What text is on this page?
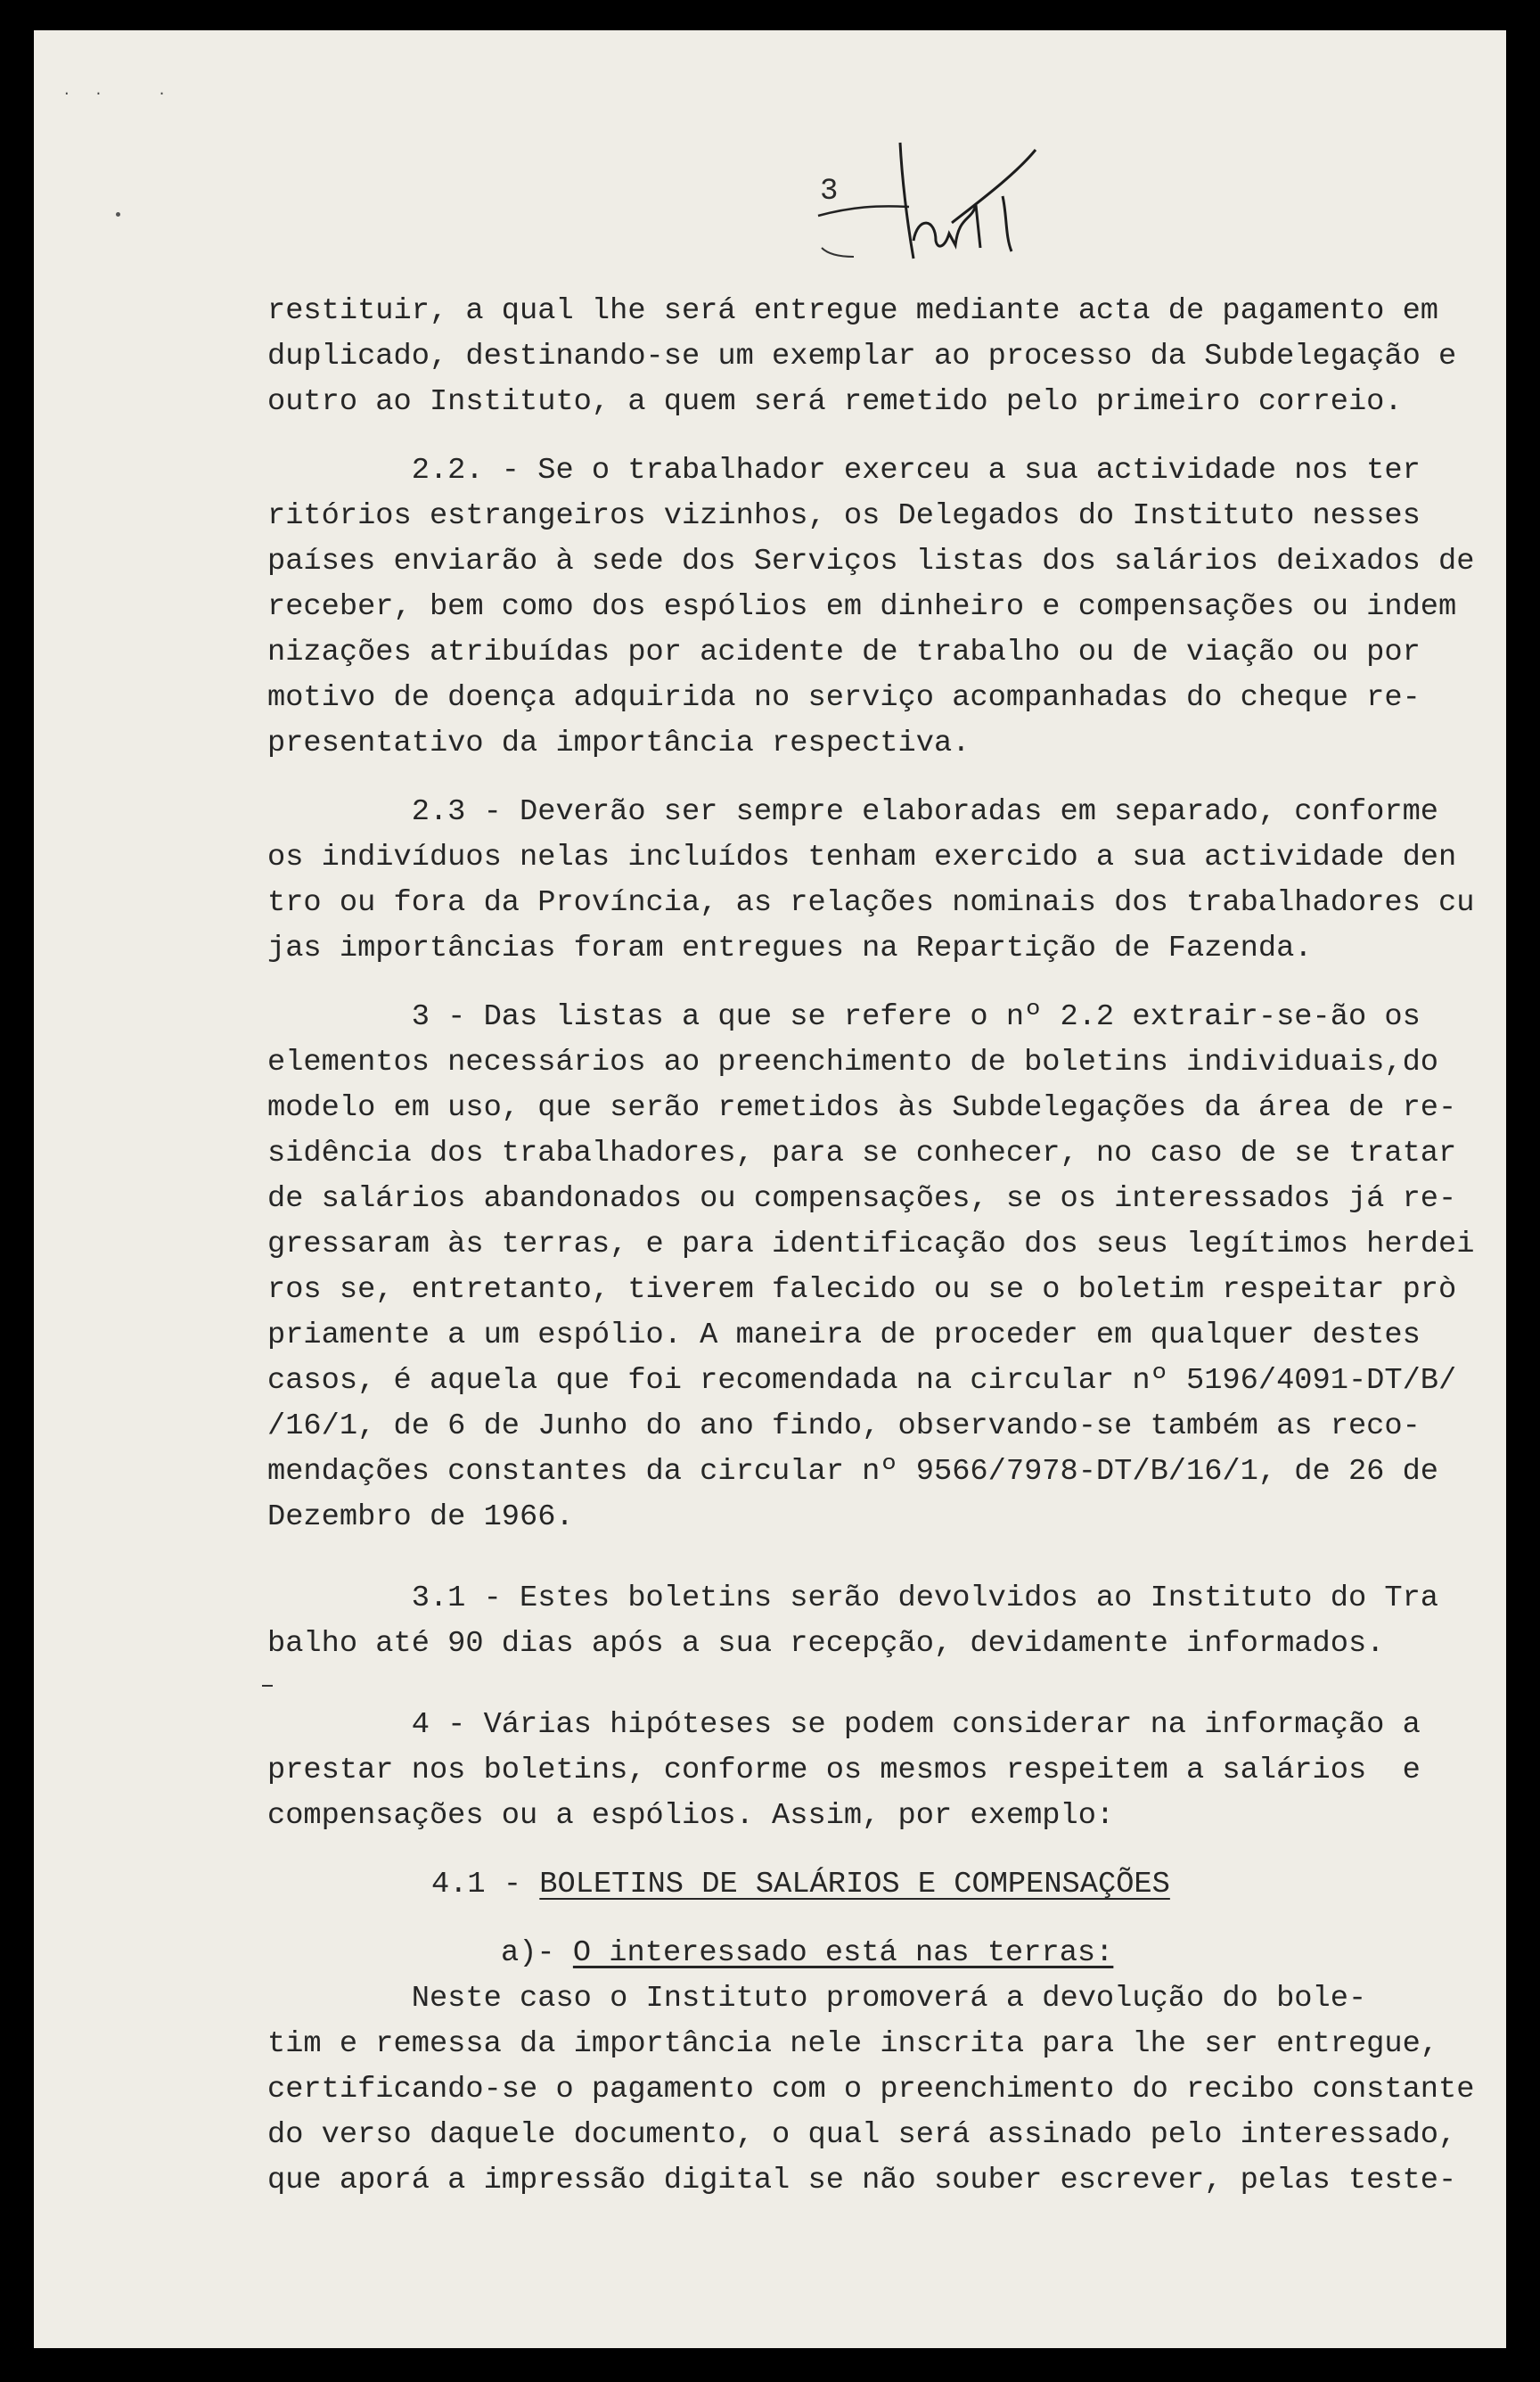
·· ·
3
restituir, a qual lhe será entregue mediante acta de pagamento em
duplicado, destinando-se um exemplar ao processo da Subdelegação e
outro ao Instituto, a quem será remetido pelo primeiro correio.
2.2. - Se o trabalhador exerceu a sua actividade nos ter
ritórios estrangeiros vizinhos, os Delegados do Instituto nesses
países enviarão à sede dos Serviços listas dos salários deixados de
receber, bem como dos espólios em dinheiro e compensações ou indem
nizações atribuídas por acidente de trabalho ou de viação ou por
motivo de doença adquirida no serviço acompanhadas do cheque re-
presentativo da importância respectiva.
2.3 - Deverão ser sempre elaboradas em separado, conforme
os indivíduos nelas incluídos tenham exercido a sua actividade den
tro ou fora da Província, as relações nominais dos trabalhadores cu
jas importâncias foram entregues na Repartição de Fazenda.
3 - Das listas a que se refere o nº 2.2 extrair-se-ão os
elementos necessários ao preenchimento de boletins individuais,do
modelo em uso, que serão remetidos às Subdelegações da área de re-
sidência dos trabalhadores, para se conhecer, no caso de se tratar
de salários abandonados ou compensações, se os interessados já re-
gressaram às terras, e para identificação dos seus legítimos herdei
ros se, entretanto, tiverem falecido ou se o boletim respeitar prò
priamente a um espólio. A maneira de proceder em qualquer destes
casos, é aquela que foi recomendada na circular nº 5196/4091-DT/B/
/16/1, de 6 de Junho do ano findo, observando-se também as reco-
mendações constantes da circular nº 9566/7978-DT/B/16/1, de 26 de
Dezembro de 1966.
3.1 - Estes boletins serão devolvidos ao Instituto do Tra
balho até 90 dias após a sua recepção, devidamente informados.
4 - Várias hipóteses se podem considerar na informação a
prestar nos boletins, conforme os mesmos respeitem a salários  e
compensações ou a espólios. Assim, por exemplo:
4.1 - BOLETINS DE SALÁRIOS E COMPENSAÇÕES
a)- O interessado está nas terras:
Neste caso o Instituto promoverá a devolução do bole-
tim e remessa da importância nele inscrita para lhe ser entregue,
certificando-se o pagamento com o preenchimento do recibo constante
do verso daquele documento, o qual será assinado pelo interessado,
que aporá a impressão digital se não souber escrever, pelas teste-
